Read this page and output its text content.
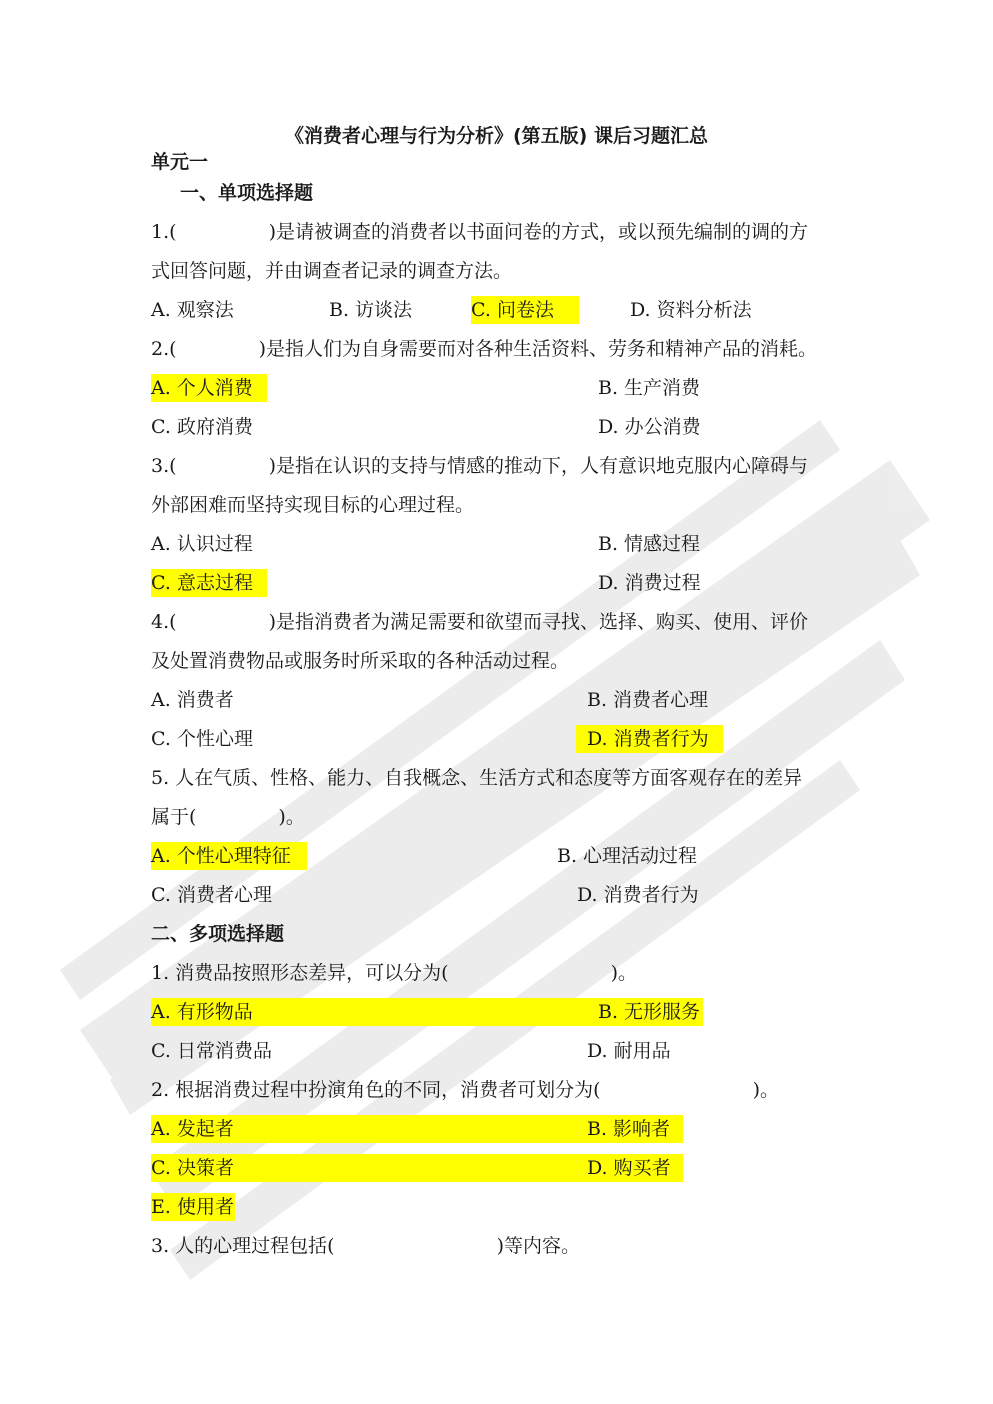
《消费者心理与行为分析》(第五版) 课后习题汇总
单元一
一、单项选择题
1.(	)是请被调查的消费者以书面问卷的方式，或以预先编制的调的方
式回答问题，并由调查者记录的调查方法。
A. 观察法	B. 访谈法	C. 问卷法	D. 资料分析法
2.(	)是指人们为自身需要而对各种生活资料、劳务和精神产品的消耗。
A. 个人消费	B. 生产消费
C. 政府消费	D. 办公消费
3.(	)是指在认识的支持与情感的推动下，人有意识地克服内心障碍与
外部困难而坚持实现目标的心理过程。
A. 认识过程	B. 情感过程
C. 意志过程	D. 消费过程
4.(	)是指消费者为满足需要和欲望而寻找、选择、购买、使用、评价
及处置消费物品或服务时所采取的各种活动过程。
A. 消费者	B. 消费者心理
C. 个性心理	D. 消费者行为
5. 人在气质、性格、能力、自我概念、生活方式和态度等方面客观存在的差异
属于(	)。
A. 个性心理特征	B. 心理活动过程
C. 消费者心理	D. 消费者行为
二、多项选择题
1. 消费品按照形态差异，可以分为(	)。
A. 有形物品	B. 无形服务
C. 日常消费品	D. 耐用品
2. 根据消费过程中扮演角色的不同，消费者可划分为(	)。
A. 发起者	B. 影响者
C. 决策者	D. 购买者
E. 使用者
3. 人的心理过程包括(	)等内容。
